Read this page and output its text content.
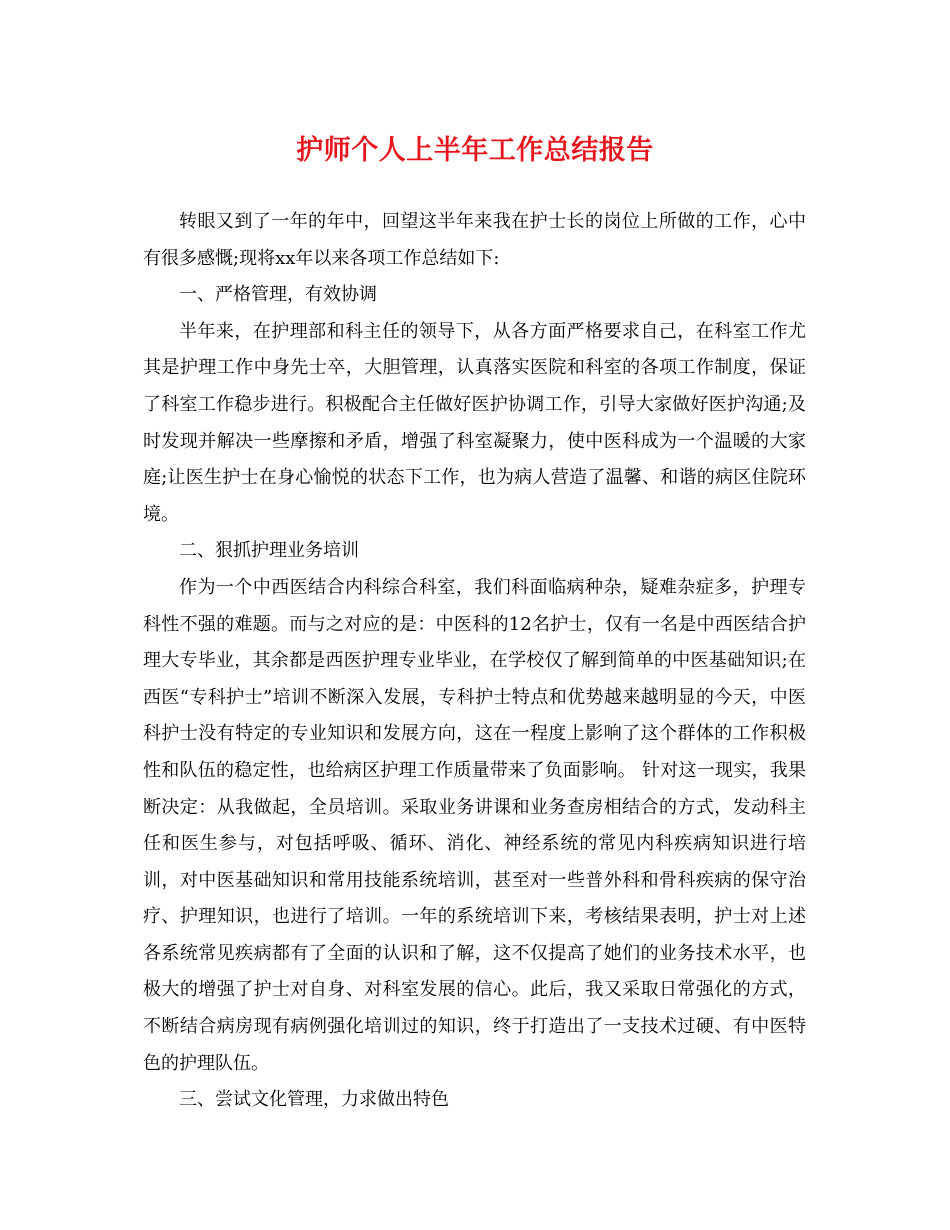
护师个人上半年工作总结报告

转眼又到了一年的年中，回望这半年来我在护士长的岗位上所做的工作，心中有很多感慨;现将xx年以来各项工作总结如下:

一、严格管理，有效协调

半年来，在护理部和科主任的领导下，从各方面严格要求自己，在科室工作尤其是护理工作中身先士卒，大胆管理，认真落实医院和科室的各项工作制度，保证了科室工作稳步进行。积极配合主任做好医护协调工作，引导大家做好医护沟通;及时发现并解决一些摩擦和矛盾，增强了科室凝聚力，使中医科成为一个温暖的大家庭;让医生护士在身心愉悦的状态下工作，也为病人营造了温馨、和谐的病区住院环境。

二、狠抓护理业务培训

作为一个中西医结合内科综合科室，我们科面临病种杂，疑难杂症多，护理专科性不强的难题。而与之对应的是：中医科的12名护士，仅有一名是中西医结合护理大专毕业，其余都是西医护理专业毕业，在学校仅了解到简单的中医基础知识;在西医“专科护士”培训不断深入发展，专科护士特点和优势越来越明显的今天，中医科护士没有特定的专业知识和发展方向，这在一程度上影响了这个群体的工作积极性和队伍的稳定性，也给病区护理工作质量带来了负面影响。 针对这一现实，我果断决定：从我做起，全员培训。采取业务讲课和业务查房相结合的方式，发动科主任和医生参与，对包括呼吸、循环、消化、神经系统的常见内科疾病知识进行培训，对中医基础知识和常用技能系统培训，甚至对一些普外科和骨科疾病的保守治疗、护理知识，也进行了培训。一年的系统培训下来，考核结果表明，护士对上述各系统常见疾病都有了全面的认识和了解，这不仅提高了她们的业务技术水平，也极大的增强了护士对自身、对科室发展的信心。此后，我又采取日常强化的方式，不断结合病房现有病例强化培训过的知识，终于打造出了一支技术过硬、有中医特色的护理队伍。

三、尝试文化管理，力求做出特色
